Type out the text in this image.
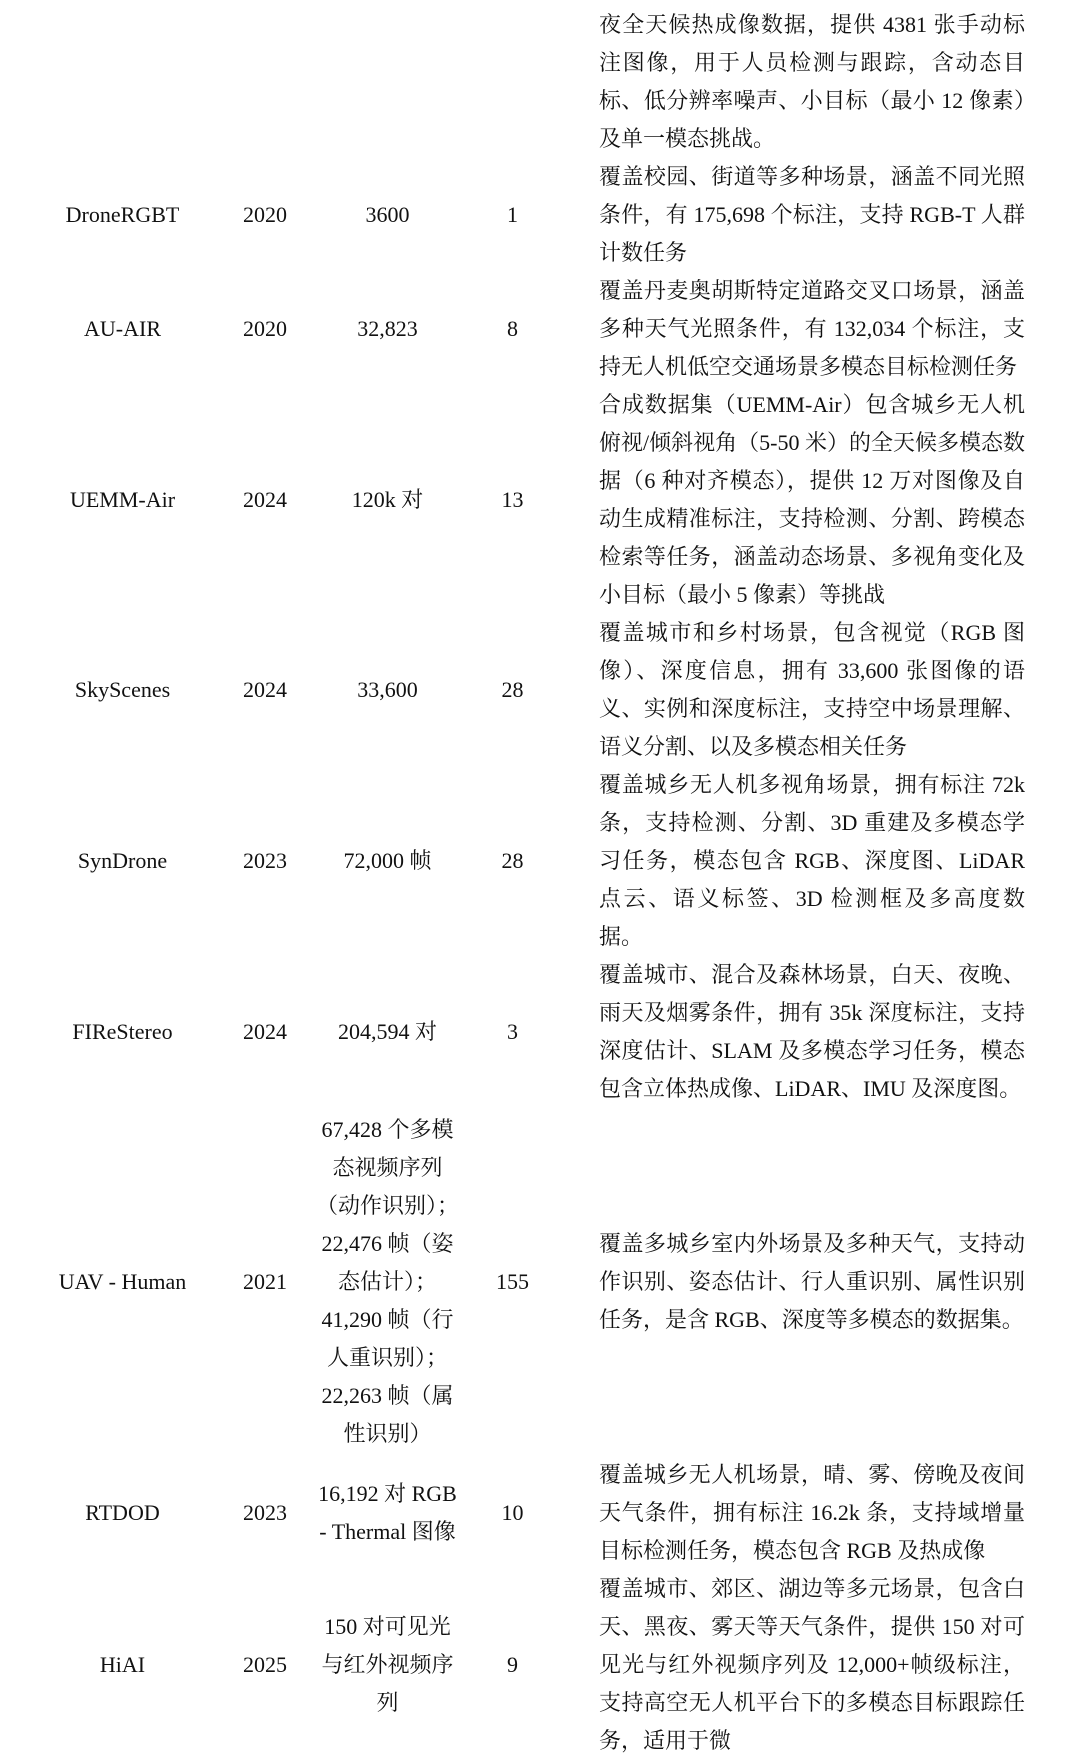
				夜全天候热成像数据，提供 4381 张手动标注图像，用于人员检测与跟踪，含动态目标、低分辨率噪声、小目标（最小 12 像素）及单一模态挑战。
DroneRGBT	2020	3600	1	覆盖校园、街道等多种场景，涵盖不同光照条件，有 175,698 个标注，支持 RGB-T 人群计数任务
AU-AIR	2020	32,823	8	覆盖丹麦奥胡斯特定道路交叉口场景，涵盖多种天气光照条件，有 132,034 个标注，支持无人机低空交通场景多模态目标检测任务
UEMM-Air	2024	120k 对	13	合成数据集（UEMM-Air）包含城乡无人机俯视/倾斜视角（5-50 米）的全天候多模态数据（6 种对齐模态），提供 12 万对图像及自动生成精准标注，支持检测、分割、跨模态检索等任务，涵盖动态场景、多视角变化及小目标（最小 5 像素）等挑战
SkyScenes	2024	33,600	28	覆盖城市和乡村场景，包含视觉（RGB 图像）、深度信息，拥有 33,600 张图像的语义、实例和深度标注，支持空中场景理解、语义分割、以及多模态相关任务
SynDrone	2023	72,000 帧	28	覆盖城乡无人机多视角场景，拥有标注 72k 条，支持检测、分割、3D 重建及多模态学习任务，模态包含 RGB、深度图、LiDAR 点云、语义标签、3D 检测框及多高度数据。
FIReStereo	2024	204,594 对	3	覆盖城市、混合及森林场景，白天、夜晚、雨天及烟雾条件，拥有 35k 深度标注，支持深度估计、SLAM 及多模态学习任务，模态包含立体热成像、LiDAR、IMU 及深度图。
UAV - Human	2021	67,428 个多模态视频序列（动作识别）；22,476 帧（姿态估计）；41,290 帧（行人重识别）；22,263 帧（属性识别）	155	覆盖多城乡室内外场景及多种天气，支持动作识别、姿态估计、行人重识别、属性识别任务，是含 RGB、深度等多模态的数据集。
RTDOD	2023	16,192 对 RGB - Thermal 图像	10	覆盖城乡无人机场景，晴、雾、傍晚及夜间天气条件，拥有标注 16.2k 条，支持域增量目标检测任务，模态包含 RGB 及热成像
HiAI	2025	150 对可见光与红外视频序列	9	覆盖城市、郊区、湖边等多元场景，包含白天、黑夜、雾天等天气条件，提供 150 对可见光与红外视频序列及 12,000+帧级标注，支持高空无人机平台下的多模态目标跟踪任务，适用于微
